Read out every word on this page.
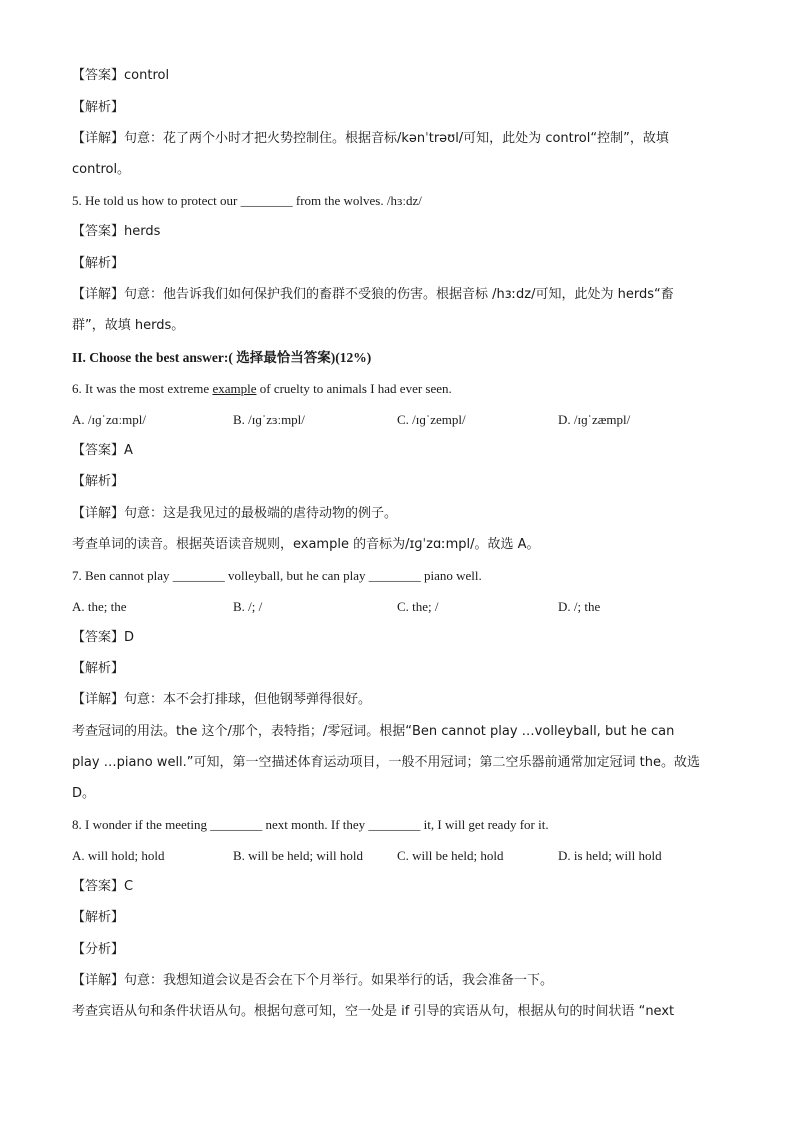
【答案】control
【解析】
【详解】句意：花了两个小时才把火势控制住。根据音标/kənˈtrəʊl/可知，此处为 control“控制”，故填
control。
5. He told us how to protect our ________ from the wolves. /hɜːdz/
【答案】herds
【解析】
【详解】句意：他告诉我们如何保护我们的畜群不受狼的伤害。根据音标 /hɜːdz/可知，此处为 herds“畜
群”，故填 herds。
II. Choose the best answer:( 选择最恰当答案)(12%)
6. It was the most extreme example of cruelty to animals I had ever seen.
A. /ɪɡˈzɑːmpl/	B. /ɪɡˈzɜːmpl/	C. /ɪɡˈzempl/	D. /ɪɡˈzæmpl/
【答案】A
【解析】
【详解】句意：这是我见过的最极端的虐待动物的例子。
考查单词的读音。根据英语读音规则，example 的音标为/ɪɡˈzɑːmpl/。故选 A。
7. Ben cannot play ________ volleyball, but he can play ________ piano well.
A. the; the	B. /; /	C. the; /	D. /; the
【答案】D
【解析】
【详解】句意：本不会打排球，但他钢琴弹得很好。
考查冠词的用法。the 这个/那个，表特指；/零冠词。根据“Ben cannot play …volleyball, but he can
play …piano well.”可知，第一空描述体育运动项目，一般不用冠词；第二空乐器前通常加定冠词 the。故选
D。
8. I wonder if the meeting ________ next month. If they ________ it, I will get ready for it.
A. will hold; hold	B. will be held; will hold	C. will be held; hold	D. is held; will hold
【答案】C
【解析】
【分析】
【详解】句意：我想知道会议是否会在下个月举行。如果举行的话，我会准备一下。
考查宾语从句和条件状语从句。根据句意可知，空一处是 if 引导的宾语从句，根据从句的时间状语 “next
